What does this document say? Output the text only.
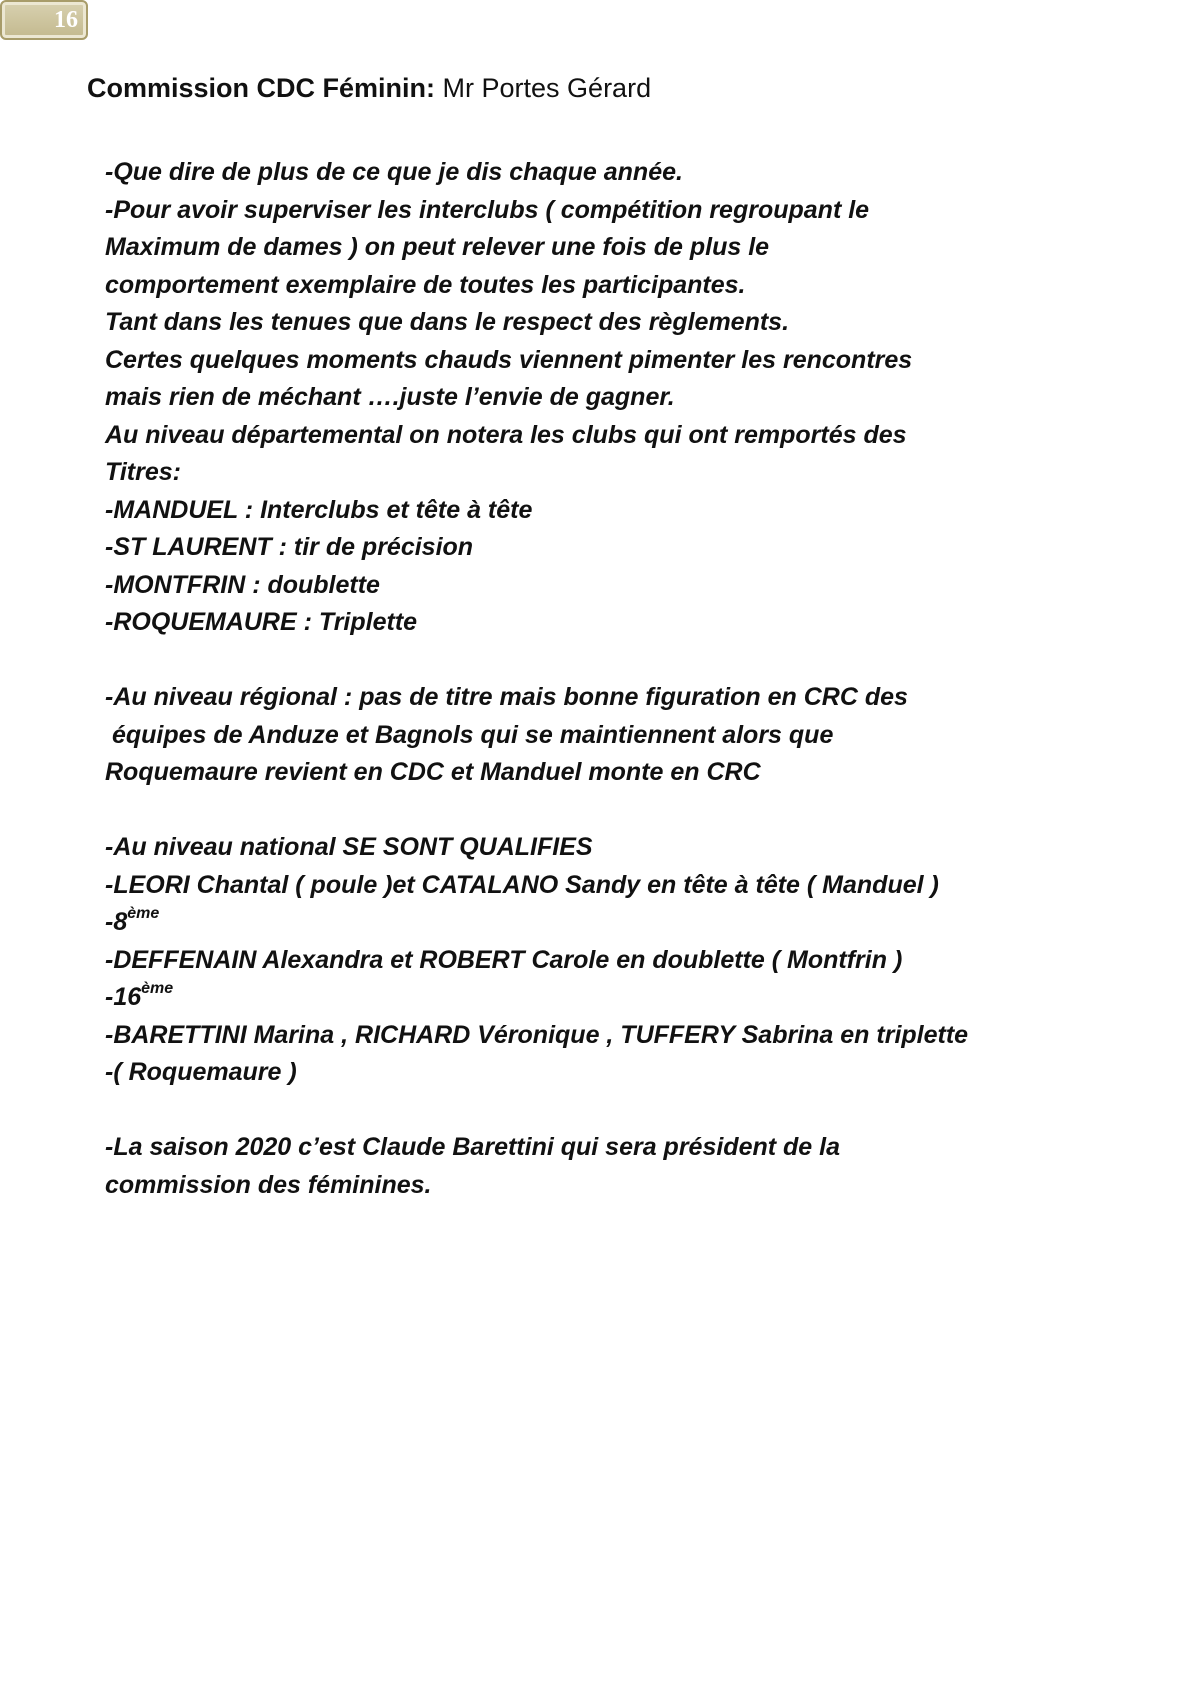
16
Commission CDC Féminin: Mr Portes Gérard
-Que dire de plus de ce que je dis chaque année.
-Pour avoir superviser les interclubs ( compétition regroupant le
Maximum de dames ) on peut relever une fois de plus le
comportement exemplaire de toutes les participantes.
Tant dans les tenues que dans le respect des règlements.
Certes quelques moments chauds viennent pimenter les rencontres
mais rien de méchant ….juste l’envie de gagner.
Au niveau départemental on notera les clubs qui ont remportés des
Titres:
-MANDUEL : Interclubs et tête à tête
-ST LAURENT : tir de précision
-MONTFRIN : doublette
-ROQUEMAURE : Triplette
-Au niveau régional : pas de titre mais bonne figuration en CRC des
équipes de Anduze et Bagnols qui se maintiennent alors que
Roquemaure revient en CDC et Manduel monte en CRC
-Au niveau national SE SONT QUALIFIES
-LEORI Chantal ( poule )et CATALANO Sandy en tête à tête ( Manduel )
-8ème
-DEFFENAIN Alexandra et ROBERT Carole en doublette ( Montfrin )
-16ème
-BARETTINI Marina , RICHARD Véronique , TUFFERY Sabrina en triplette
-( Roquemaure )
-La saison 2020 c’est Claude Barettini qui sera président de la
commission des féminines.
